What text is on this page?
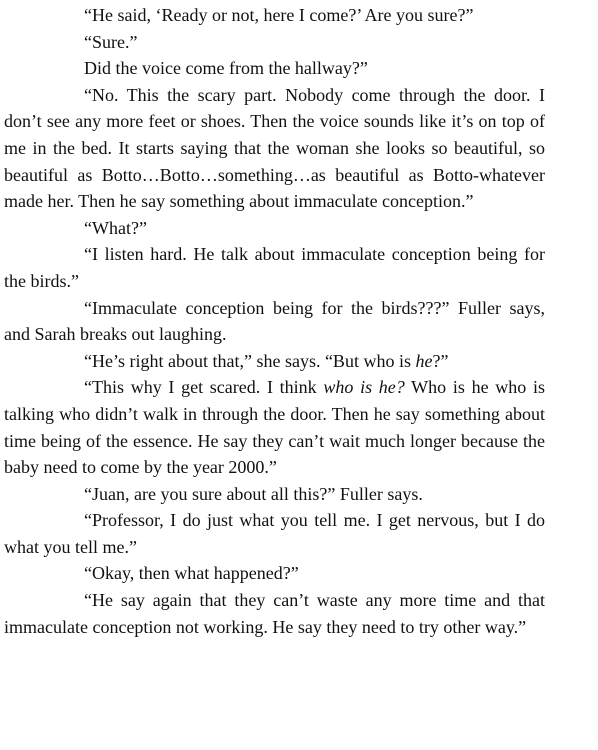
“He said, ‘Ready or not, here I come?’ Are you sure?”

“Sure.”

Did the voice come from the hallway?”

“No. This the scary part. Nobody come through the door. I don’t see any more feet or shoes. Then the voice sounds like it’s on top of me in the bed. It starts saying that the woman she looks so beautiful, so beautiful as Botto…Botto…something…as beautiful as Botto-whatever made her. Then he say something about immaculate conception.”

“What?”

“I listen hard. He talk about immaculate conception being for the birds.”

“Immaculate conception being for the birds???” Fuller says, and Sarah breaks out laughing.

“He’s right about that,” she says. “But who is he?”

“This why I get scared. I think who is he? Who is he who is talking who didn’t walk in through the door. Then he say something about time being of the essence. He say they can’t wait much longer because the baby need to come by the year 2000.”

“Juan, are you sure about all this?” Fuller says.

“Professor, I do just what you tell me. I get nervous, but I do what you tell me.”

“Okay, then what happened?”

“He say again that they can’t waste any more time and that immaculate conception not working. He say they need to try other way.”
